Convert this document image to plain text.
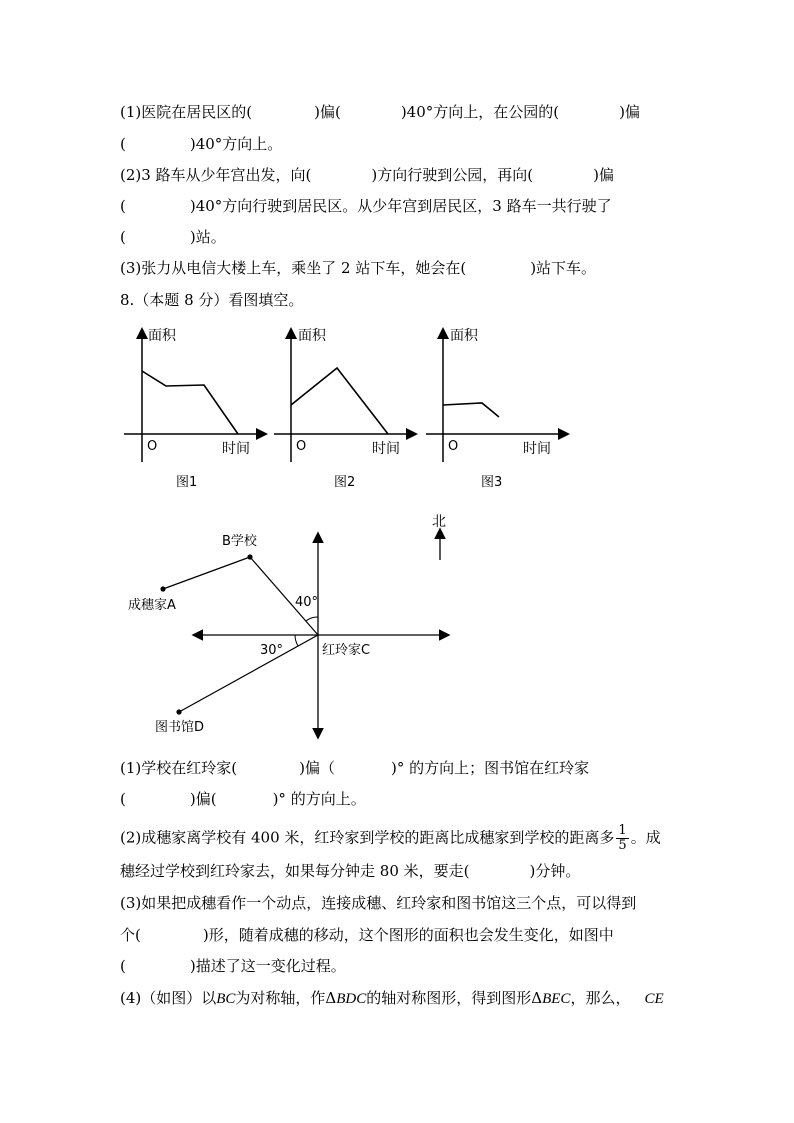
(1)医院在居民区的(	)偏(	)40°方向上，在公园的(	)偏
(	)40°方向上。
(2)3 路车从少年宫出发，向(	)方向行驶到公园，再向(	)偏
(	)40°方向行驶到居民区。从少年宫到居民区，3 路车一共行驶了
(	)站。
(3)张力从电信大楼上车，乘坐了 2 站下车，她会在(	)站下车。
8.（本题 8 分）看图填空。
面积
O	时间
图1
面积
O	时间
图2
面积
O	时间
图3
北
B学校
成穗家A
图书馆D
红玲家C
40°
30°
(1)学校在红玲家(	)偏（	)° 的方向上；图书馆在红玲家
(	)偏(	)° 的方向上。
(2)成穗家离学校有 400 米，红玲家到学校的距离比成穗家到学校的距离多 $\frac{1}{5}$ 。成
穗经过学校到红玲家去，如果每分钟走 80 米，要走(	)分钟。
(3)如果把成穗看作一个动点，连接成穗、红玲家和图书馆这三个点，可以得到
个(	)形，随着成穗的移动，这个图形的面积也会发生变化，如图中
(	)描述了这一变化过程。
(4)（如图）以BC为对称轴，作ΔBDC的轴对称图形，得到图形ΔBEC，那么， CE
